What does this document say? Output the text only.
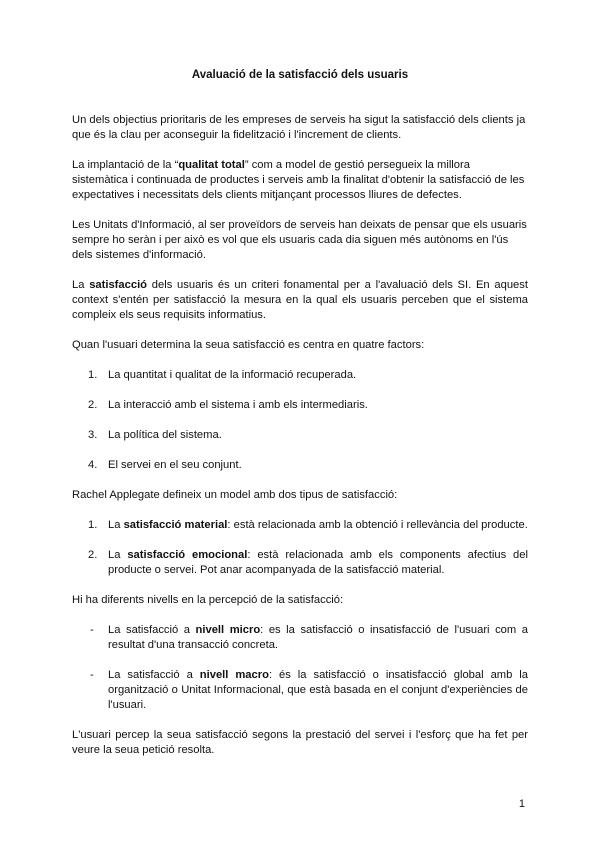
Avaluació de la satisfacció dels usuaris

Un dels objectius prioritaris de les empreses de serveis ha sigut la satisfacció dels clients ja que és la clau per aconseguir la fidelització i l'increment de clients.

La implantació de la “qualitat total” com a model de gestió persegueix la millora sistemàtica i continuada de productes i serveis amb la finalitat d'obtenir la satisfacció de les expectatives i necessitats dels clients mitjançant processos lliures de defectes.

Les Unitats d'Informació, al ser proveïdors de serveis han deixats de pensar que els usuaris sempre ho seràn i per això es vol que els usuaris cada dia siguen més autònoms en l'ús dels sistemes d'informació.

La satisfacció dels usuaris és un criteri fonamental per a l'avaluació dels SI. En aquest context s'entén per satisfacció la mesura en la qual els usuaris perceben que el sistema compleix els seus requisits informatius.

Quan l'usuari determina la seua satisfacció es centra en quatre factors:

1. La quantitat i qualitat de la informació recuperada.
2. La interacció amb el sistema i amb els intermediaris.
3. La política del sistema.
4. El servei en el seu conjunt.

Rachel Applegate defineix un model amb dos tipus de satisfacció:

1. La satisfacció material: està relacionada amb la obtenció i rellevància del producte.
2. La satisfacció emocional: està relacionada amb els components afectius del producte o servei. Pot anar acompanyada de la satisfacció material.

Hi ha diferents nivells en la percepció de la satisfacció:

- La satisfacció a nivell micro: es la satisfacció o insatisfacció de l'usuari com a resultat d'una transacció concreta.
- La satisfacció a nivell macro: és la satisfacció o insatisfacció global amb la organització o Unitat Informacional, que està basada en el conjunt d'experiències de l'usuari.

L'usuari percep la seua satisfacció segons la prestació del servei i l'esforç que ha fet per veure la seua petició resolta.

1
